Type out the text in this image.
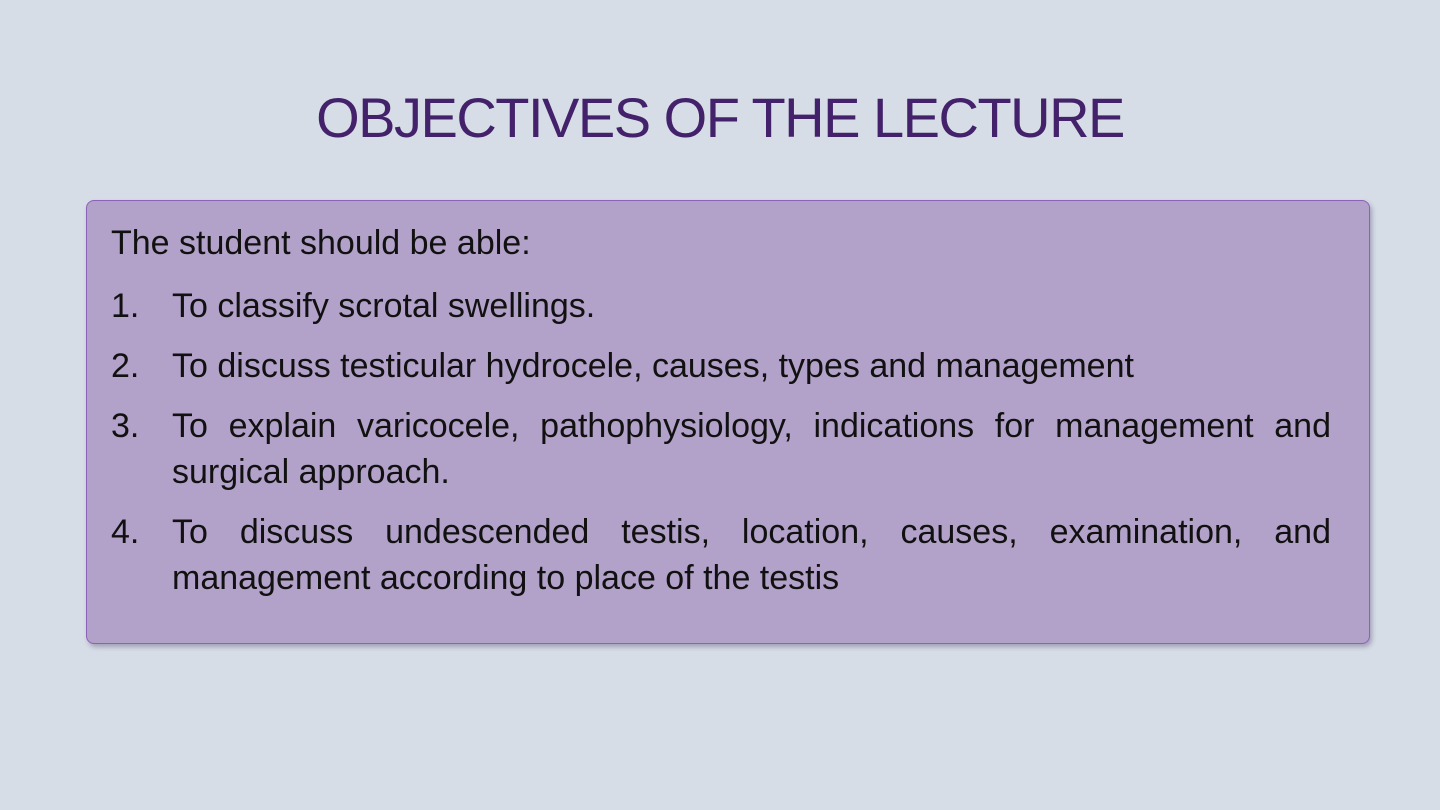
OBJECTIVES OF THE LECTURE
The student should be able:
1. To classify scrotal swellings.
2. To discuss testicular hydrocele, causes, types and management
3. To explain varicocele, pathophysiology, indications for management and surgical approach.
4. To discuss undescended testis, location, causes, examination, and management according to place of the testis
